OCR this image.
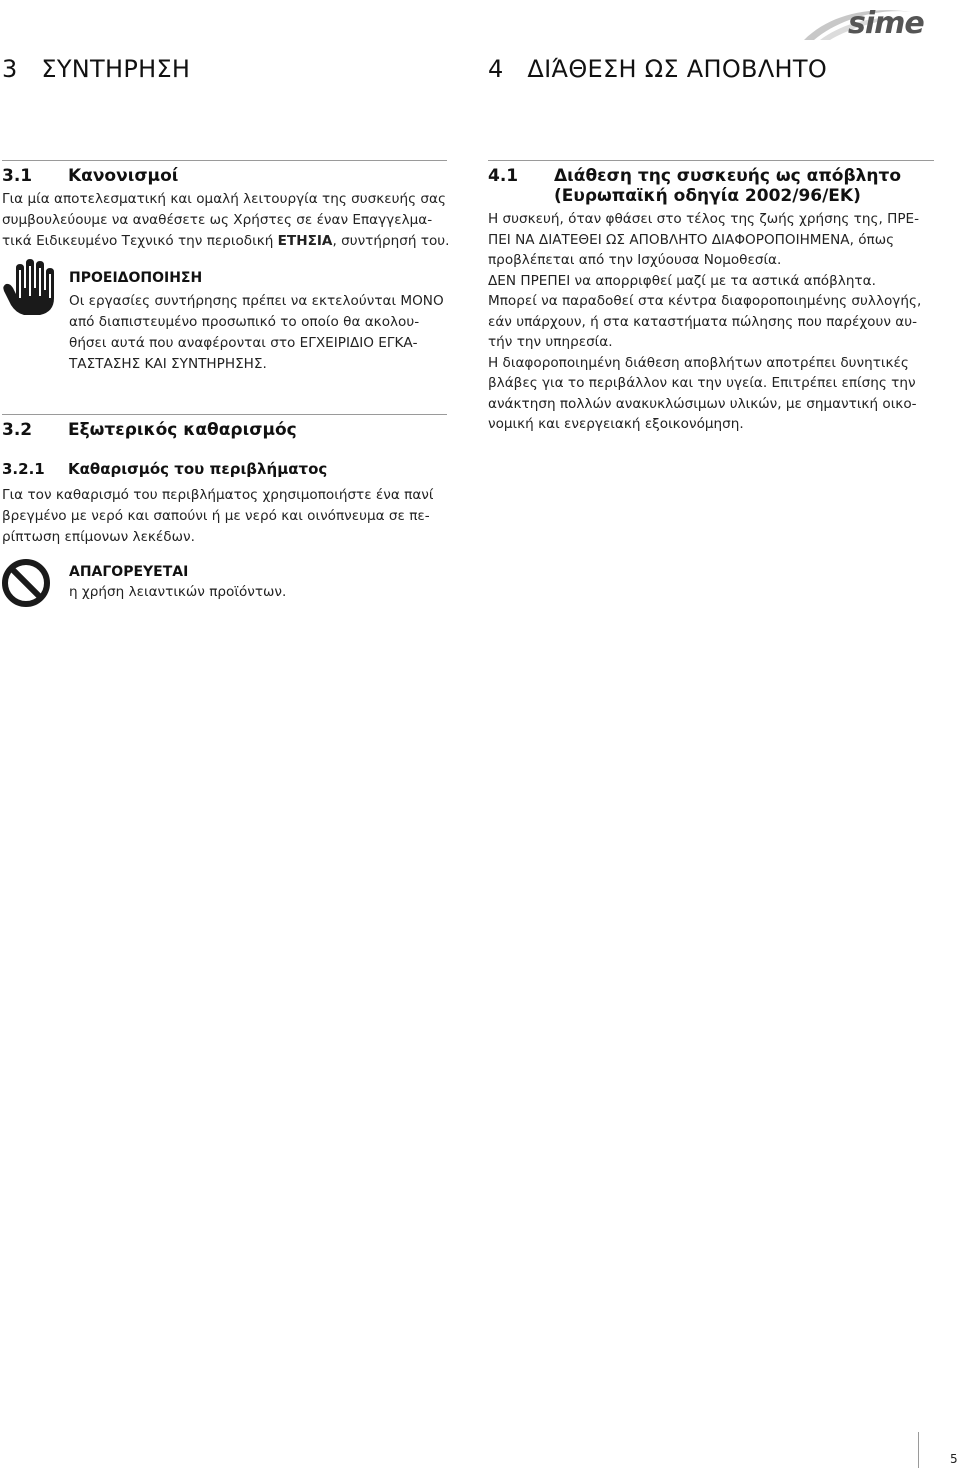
sime
3   ΣΥΝΤΗΡΗΣΗ	4   ΔΙΆΘΕΣΗ ΩΣ ΑΠΟΒΛΗΤΟ
3.1 Κανονισμοί

Για μία αποτελεσματική και ομαλή λειτουργία της συσκευής σας

συμβουλεύουμε να αναθέσετε ως Χρήστες σε έναν Επαγγελμα-

τικά Ειδικευμένο Τεχνικό την περιοδική ΕΤΗΣΙΑ, συντήρησή του.

ΠΡΟΕΙΔΟΠΟΙΗΣΗ

Οι εργασίες συντήρησης πρέπει να εκτελούνται ΜΟΝΟ

από διαπιστευμένο προσωπικό το οποίο θα ακολου-

θήσει αυτά που αναφέρονται στο ΕΓΧΕΙΡΙΔΙΟ ΕΓΚΑ-

ΤΑΣΤΑΣΗΣ ΚΑΙ ΣΥΝΤΗΡΗΣΗΣ.

3.2 Εξωτερικός καθαρισμός
3.2.1 Καθαρισμός του περιβλήματος

Για τον καθαρισμό του περιβλήματος χρησιμοποιήστε ένα πανί

βρεγμένο με νερό και σαπούνι ή με νερό και οινόπνευμα σε πε-

ρίπτωση επίμονων λεκέδων.

ΑΠΑΓΟΡΕΥΕΤΑΙ
η χρήση λειαντικών προϊόντων.
4.1 Διάθεση της συσκευής ως απόβλητο
(Ευρωπαϊκή οδηγία 2002/96/ΕΚ)

Η συσκευή, όταν φθάσει στο τέλος της ζωής χρήσης της, ΠΡΕ-

ΠΕΙ ΝΑ ΔΙΑΤΕΘΕΙ ΩΣ ΑΠΟΒΛΗΤΟ ΔΙΑΦΟΡΟΠΟΙΗΜΕΝΑ, όπως

προβλέπεται από την Ισχύουσα Νομοθεσία.

ΔΕΝ ΠΡΕΠΕΙ να απορριφθεί μαζί με τα αστικά απόβλητα.

Μπορεί να παραδοθεί στα κέντρα διαφοροποιημένης συλλογής,

εάν υπάρχουν, ή στα καταστήματα πώλησης που παρέχουν αυ-

τήν την υπηρεσία.

Η διαφοροποιημένη διάθεση αποβλήτων αποτρέπει δυνητικές

βλάβες για το περιβάλλον και την υγεία. Επιτρέπει επίσης την

ανάκτηση πολλών ανακυκλώσιμων υλικών, με σημαντική οικο-

νομική και ενεργειακή εξοικονόμηση.

5
